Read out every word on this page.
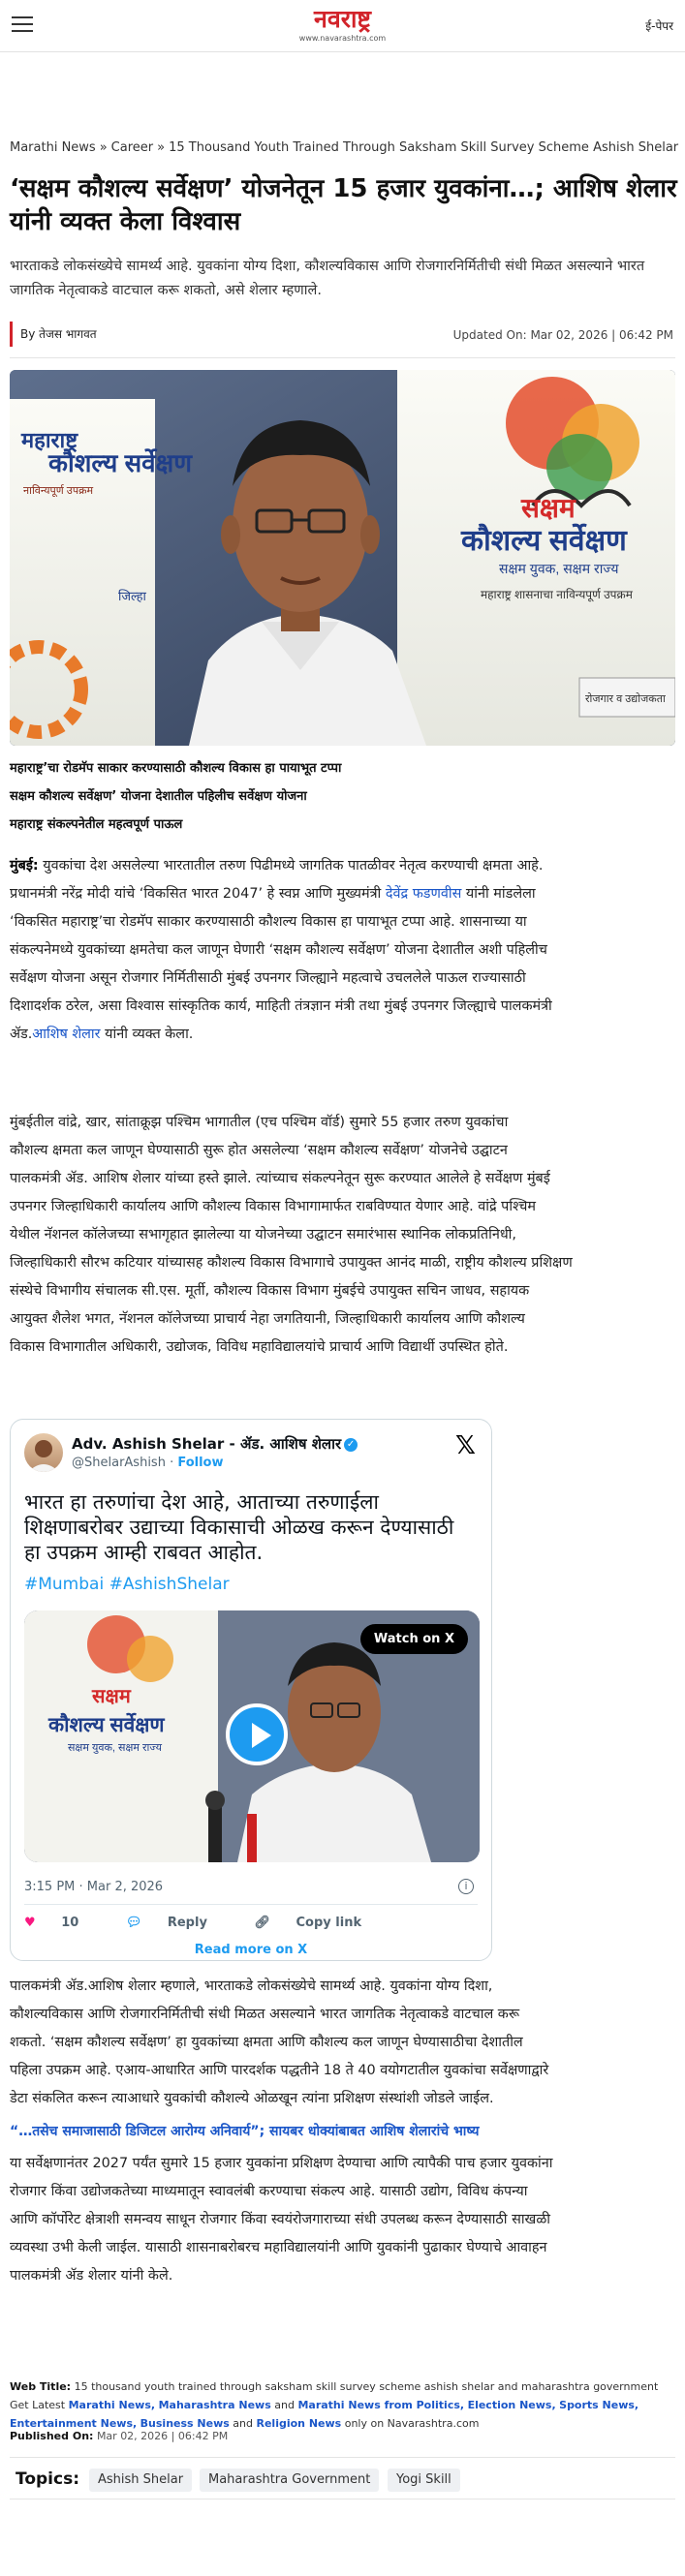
नवराष्ट्र
www.navarashtra.com
ई-पेपर
Marathi News » Career » 15 Thousand Youth Trained Through Saksham Skill Survey Scheme Ashish Shelar
‘सक्षम कौशल्य सर्वेक्षण’ योजनेतून 15 हजार युवकांना…; आशिष शेलार यांनी व्यक्त केला विश्वास
भारताकडे लोकसंख्येचे सामर्थ्य आहे. युवकांना योग्य दिशा, कौशल्यविकास आणि रोजगारनिर्मितीची संधी मिळत असल्याने भारत जागतिक नेतृत्वाकडे वाटचाल करू शकतो, असे शेलार म्हणाले.
By तेजस भागवत	Updated On: Mar 02, 2026 | 06:42 PM
कौशल्य सर्वेक्षण
महाराष्ट्र
नाविन्यपूर्ण उपक्रम
जिल्हा
सक्षम
कौशल्य सर्वेक्षण
सक्षम युवक, सक्षम राज्य
महाराष्ट्र शासनाचा नाविन्यपूर्ण उपक्रम
रोजगार व उद्योजकता
महाराष्ट्र’चा रोडमॅप साकार करण्यासाठी कौशल्य विकास हा पायाभूत टप्पा
सक्षम कौशल्य सर्वेक्षण’ योजना देशातील पहिलीच सर्वेक्षण योजना
महाराष्ट्र संकल्पनेतील महत्वपूर्ण पाऊल
मुंबई: युवकांचा देश असलेल्या भारतातील तरुण पिढीमध्ये जागतिक पातळीवर नेतृत्व करण्याची क्षमता आहे.
प्रधानमंत्री नरेंद्र मोदी यांचे ‘विकसित भारत 2047’ हे स्वप्न आणि मुख्यमंत्री देवेंद्र फडणवीस यांनी मांडलेला
‘विकसित महाराष्ट्र’चा रोडमॅप साकार करण्यासाठी कौशल्य विकास हा पायाभूत टप्पा आहे. शासनाच्या या
संकल्पनेमध्ये युवकांच्या क्षमतेचा कल जाणून घेणारी ‘सक्षम कौशल्य सर्वेक्षण’ योजना देशातील अशी पहिलीच
सर्वेक्षण योजना असून रोजगार निर्मितीसाठी मुंबई उपनगर जिल्ह्याने महत्वाचे उचललेले पाऊल राज्यासाठी
दिशादर्शक ठरेल, असा विश्वास सांस्कृतिक कार्य, माहिती तंत्रज्ञान मंत्री तथा मुंबई उपनगर जिल्ह्याचे पालकमंत्री
ॲड.आशिष शेलार यांनी व्यक्त केला.
मुंबईतील वांद्रे, खार, सांताक्रूझ पश्चिम भागातील (एच पश्चिम वॉर्ड) सुमारे 55 हजार तरुण युवकांचा
कौशल्य क्षमता कल जाणून घेण्यासाठी सुरू होत असलेल्या ‘सक्षम कौशल्य सर्वेक्षण’ योजनेचे उद्घाटन
पालकमंत्री ॲड. आशिष शेलार यांच्या हस्ते झाले. त्यांच्याच संकल्पनेतून सुरू करण्यात आलेले हे सर्वेक्षण मुंबई
उपनगर जिल्हाधिकारी कार्यालय आणि कौशल्य विकास विभागामार्फत राबविण्यात येणार आहे. वांद्रे पश्चिम
येथील नॅशनल कॉलेजच्या सभागृहात झालेल्या या योजनेच्या उद्घाटन समारंभास स्थानिक लोकप्रतिनिधी,
जिल्हाधिकारी सौरभ कटियार यांच्यासह कौशल्य विकास विभागाचे उपायुक्त आनंद माळी, राष्ट्रीय कौशल्य प्रशिक्षण
संस्थेचे विभागीय संचालक सी.एस. मूर्ती, कौशल्य विकास विभाग मुंबईचे उपायुक्त सचिन जाधव, सहायक
आयुक्त शैलेश भगत, नॅशनल कॉलेजच्या प्राचार्य नेहा जगतियानी, जिल्हाधिकारी कार्यालय आणि कौशल्य
विकास विभागातील अधिकारी, उद्योजक, विविध महाविद्यालयांचे प्राचार्य आणि विद्यार्थी उपस्थित होते.
Adv. Ashish Shelar - ॲड. आशिष शेलार ✓
@ShelarAshish · Follow
𝕏
भारत हा तरुणांचा देश आहे, आताच्या तरुणाईला शिक्षणाबरोबर उद्याच्या विकासाची ओळख करून देण्यासाठी हा उपक्रम आम्ही राबवत आहोत.
#Mumbai #AshishShelar
सक्षम
कौशल्य सर्वेक्षण
सक्षम युवक, सक्षम राज्य
Watch on X
3:15 PM · Mar 2, 2026	i
♥ 10	💬︎ Reply	🔗︎ Copy link
Read more on X
पालकमंत्री ॲड.आशिष शेलार म्हणाले, भारताकडे लोकसंख्येचे सामर्थ्य आहे. युवकांना योग्य दिशा,
कौशल्यविकास आणि रोजगारनिर्मितीची संधी मिळत असल्याने भारत जागतिक नेतृत्वाकडे वाटचाल करू
शकतो. ‘सक्षम कौशल्य सर्वेक्षण’ हा युवकांच्या क्षमता आणि कौशल्य कल जाणून घेण्यासाठीचा देशातील
पहिला उपक्रम आहे. एआय-आधारित आणि पारदर्शक पद्धतीने 18 ते 40 वयोगटातील युवकांचा सर्वेक्षणाद्वारे
डेटा संकलित करून त्याआधारे युवकांची कौशल्ये ओळखून त्यांना प्रशिक्षण संस्थांशी जोडले जाईल.
“…तसेच समाजासाठी डिजिटल आरोग्य अनिवार्य”; सायबर धोक्यांबाबत आशिष शेलारांचे भाष्य
या सर्वेक्षणानंतर 2027 पर्यंत सुमारे 15 हजार युवकांना प्रशिक्षण देण्याचा आणि त्यापैकी पाच हजार युवकांना
रोजगार किंवा उद्योजकतेच्या माध्यमातून स्वावलंबी करण्याचा संकल्प आहे. यासाठी उद्योग, विविध कंपन्या
आणि कॉर्पोरेट क्षेत्राशी समन्वय साधून रोजगार किंवा स्वयंरोजगाराच्या संधी उपलब्ध करून देण्यासाठी साखळी
व्यवस्था उभी केली जाईल. यासाठी शासनाबरोबरच महाविद्यालयांनी आणि युवकांनी पुढाकार घेण्याचे आवाहन
पालकमंत्री ॲड शेलार यांनी केले.
Web Title: 15 thousand youth trained through saksham skill survey scheme ashish shelar and maharashtra government
Get Latest Marathi News, Maharashtra News and Marathi News from Politics, Election News, Sports News, Entertainment News, Business News and Religion News only on Navarashtra.com
Published On: Mar 02, 2026 | 06:42 PM
Topics:	Ashish Shelar	Maharashtra Government	Yogi Skill
